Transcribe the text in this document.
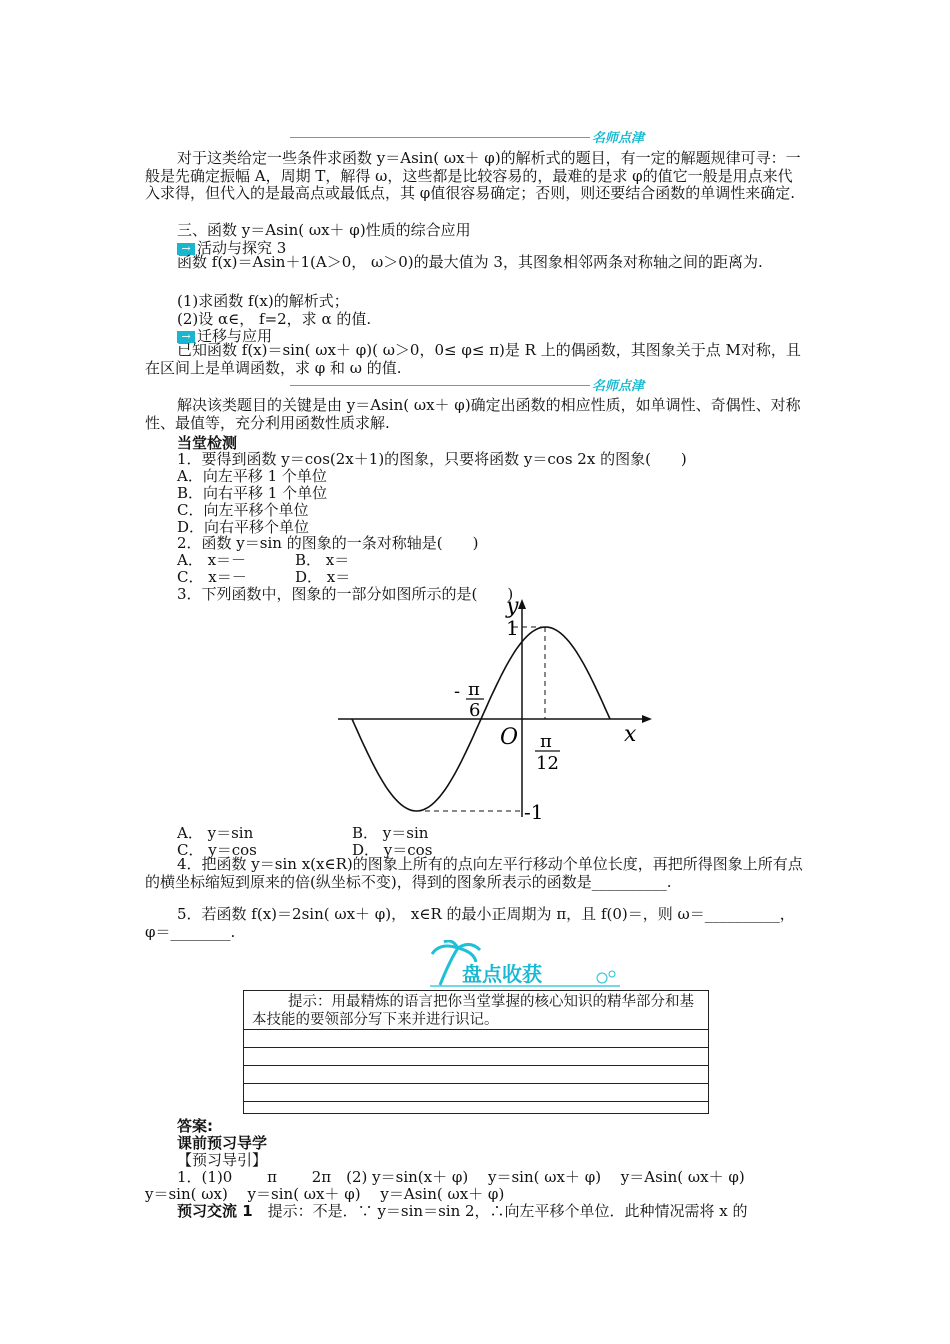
名师点津
对于这类给定一些条件求函数 y＝Asin( ωx＋ φ)的解析式的题目，有一定的解题规律可寻：一般是先确定振幅 A，周期 T，解得 ω，这些都是比较容易的，最难的是求 φ的值它一般是用点来代入求得，但代入的是最高点或最低点，其 φ值很容易确定；否则，则还要结合函数的单调性来确定.
三、函数 y＝Asin( ωx＋ φ)性质的综合应用
→ 活动与探究 3
函数 f(x)＝Asin＋1(A＞0， ω＞0)的最大值为 3，其图象相邻两条对称轴之间的距离为.
(1)求函数 f(x)的解析式；
(2)设 α∈， f=2，求 α 的值.
→ 迁移与应用
已知函数 f(x)＝sin( ωx＋ φ)( ω＞0，0≤ φ≤ π)是 R 上的偶函数，其图象关于点 M对称，且在区间上是单调函数，求 φ 和 ω 的值.
名师点津
解决该类题目的关键是由 y＝Asin( ωx＋ φ)确定出函数的相应性质，如单调性、奇偶性、对称性、最值等，充分利用函数性质求解.
当堂检测
1．要得到函数 y＝cos(2x＋1)的图象，只要将函数 y＝cos 2x 的图象(　　)
A．向左平移 1 个单位
B．向右平移 1 个单位
C．向左平移个单位
D．向右平移个单位
2．函数 y＝sin 的图象的一条对称轴是(　　)
A． x＝－	B． x＝
C． x＝－	D． x＝
3．下列函数中，图象的一部分如图所示的是(　　)
y
x
O
1
-1
- π
6
π
12
A． y＝sin	B． y＝sin
C． y＝cos	D． y＝cos
4．把函数 y＝sin x(x∈R)的图象上所有的点向左平行移动个单位长度，再把所得图象上所有点的横坐标缩短到原来的倍(纵坐标不变)，得到的图象所表示的函数是__________.
5．若函数 f(x)＝2sin( ωx＋ φ)， x∈R 的最小正周期为 π，且 f(0)＝，则 ω＝__________， φ＝________.
盘点收获
提示：用最精炼的语言把你当堂掌握的核心知识的精华部分和基本技能的要领部分写下来并进行识记。
答案:
课前预习导学
【预习导引】
1．(1)0　　 π　　 2π　(2) y＝sin(x＋ φ)　 y＝sin( ωx＋ φ)　 y＝Asin( ωx＋ φ)
y＝sin( ωx)　 y＝sin( ωx＋ φ)　 y＝Asin( ωx＋ φ)
预习交流 1　提示：不是．∵ y＝sin＝sin 2，∴向左平移个单位．此种情况需将 x 的
